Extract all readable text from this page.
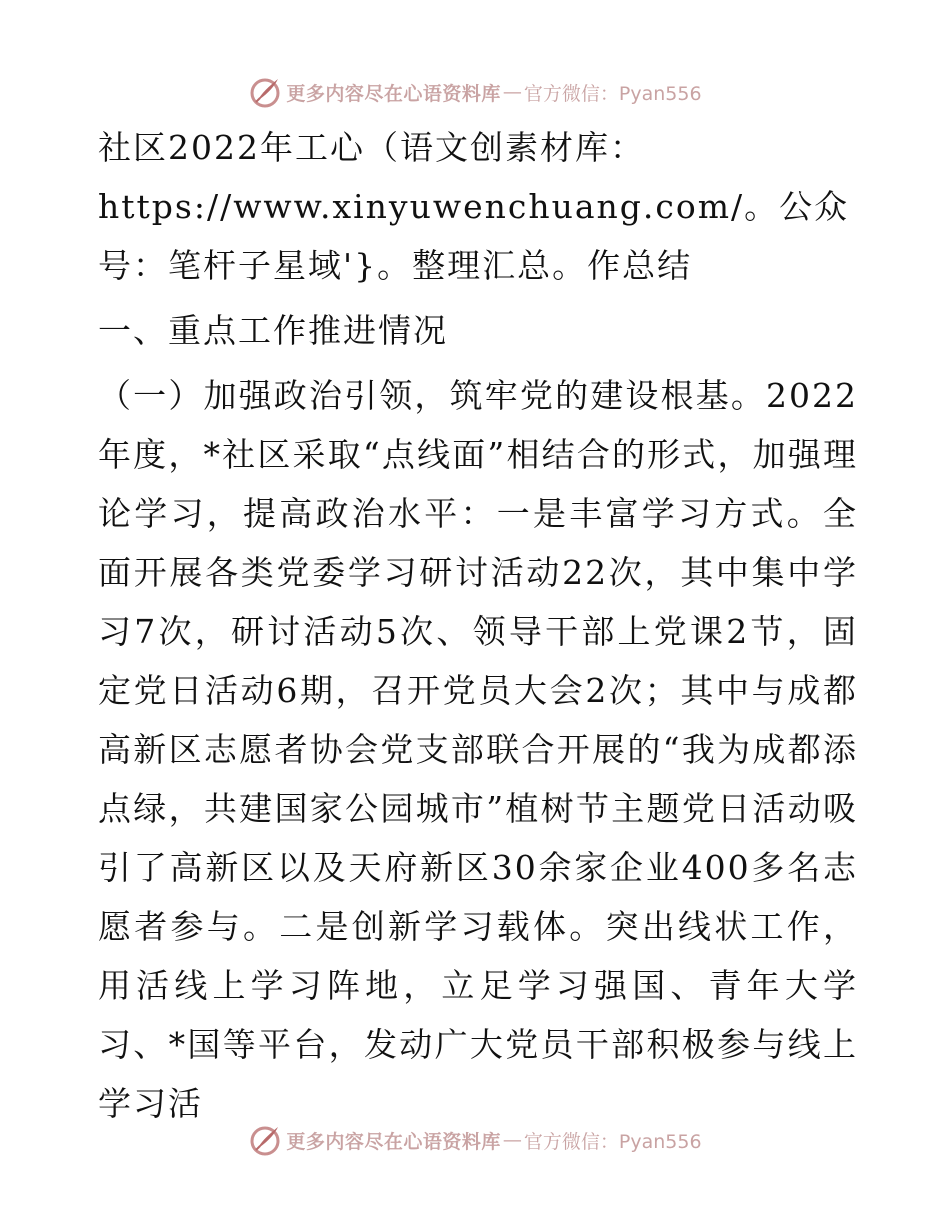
更多内容尽在心语资料库 — 官方微信：Pyan556

社区2022年工心（语文创素材库：https://www.xinyuwenchuang.com/。公众号：笔杆子星域'}。整理汇总。作总结

一、重点工作推进情况

（一）加强政治引领，筑牢党的建设根基。2022年度，*社区采取“点线面”相结合的形式，加强理论学习，提高政治水平：一是丰富学习方式。全面开展各类党委学习研讨活动22次，其中集中学习7次，研讨活动5次、领导干部上党课2节，固定党日活动6期，召开党员大会2次；其中与成都高新区志愿者协会党支部联合开展的“我为成都添点绿，共建国家公园城市”植树节主题党日活动吸引了高新区以及天府新区30余家企业400多名志愿者参与。二是创新学习载体。突出线状工作，用活线上学习阵地，立足学习强国、青年大学习、*国等平台，发动广大党员干部积极参与线上学习活

更多内容尽在心语资料库 — 官方微信：Pyan556
